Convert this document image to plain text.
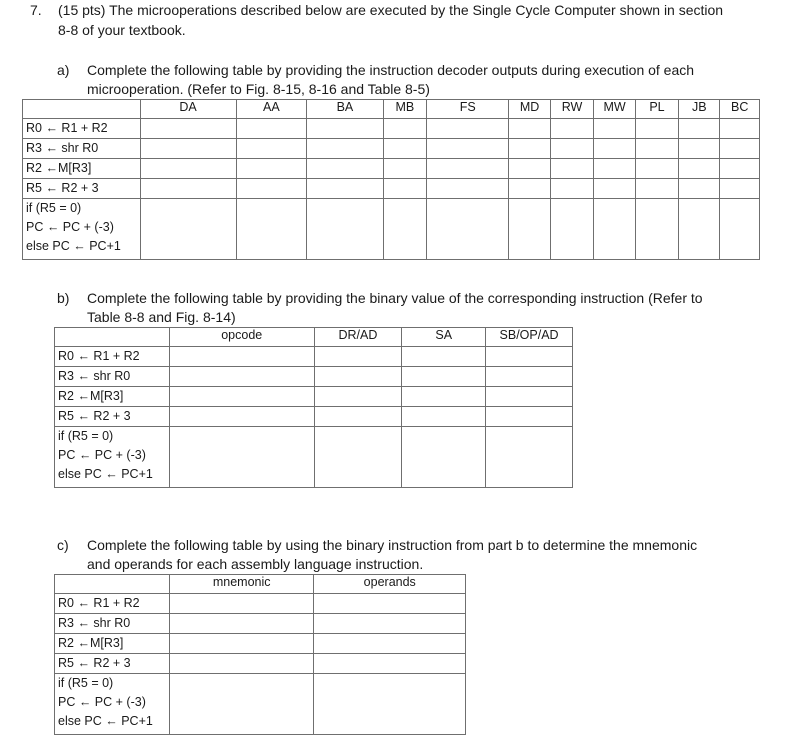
7. (15 pts) The microoperations described below are executed by the Single Cycle Computer shown in section
8-8 of your textbook.
a) Complete the following table by providing the instruction decoder outputs during execution of each
microoperation. (Refer to Fig. 8-15, 8-16 and Table 8-5)
	DA	AA	BA	MB	FS	MD	RW	MW	PL	JB	BC
R0 ← R1 + R2											
R3 ← shr R0											
R2 ←M[R3]											
R5 ← R2 + 3											
if (R5 = 0)
PC ← PC + (-3)
else PC ← PC+1											
b) Complete the following table by providing the binary value of the corresponding instruction (Refer to
Table 8-8 and Fig. 8-14)
	opcode	DR/AD	SA	SB/OP/AD
R0 ← R1 + R2				
R3 ← shr R0				
R2 ←M[R3]				
R5 ← R2 + 3				
if (R5 = 0)
PC ← PC + (-3)
else PC ← PC+1				
c) Complete the following table by using the binary instruction from part b to determine the mnemonic
and operands for each assembly language instruction.
	mnemonic	operands
R0 ← R1 + R2		
R3 ← shr R0		
R2 ←M[R3]		
R5 ← R2 + 3		
if (R5 = 0)
PC ← PC + (-3)
else PC ← PC+1		
